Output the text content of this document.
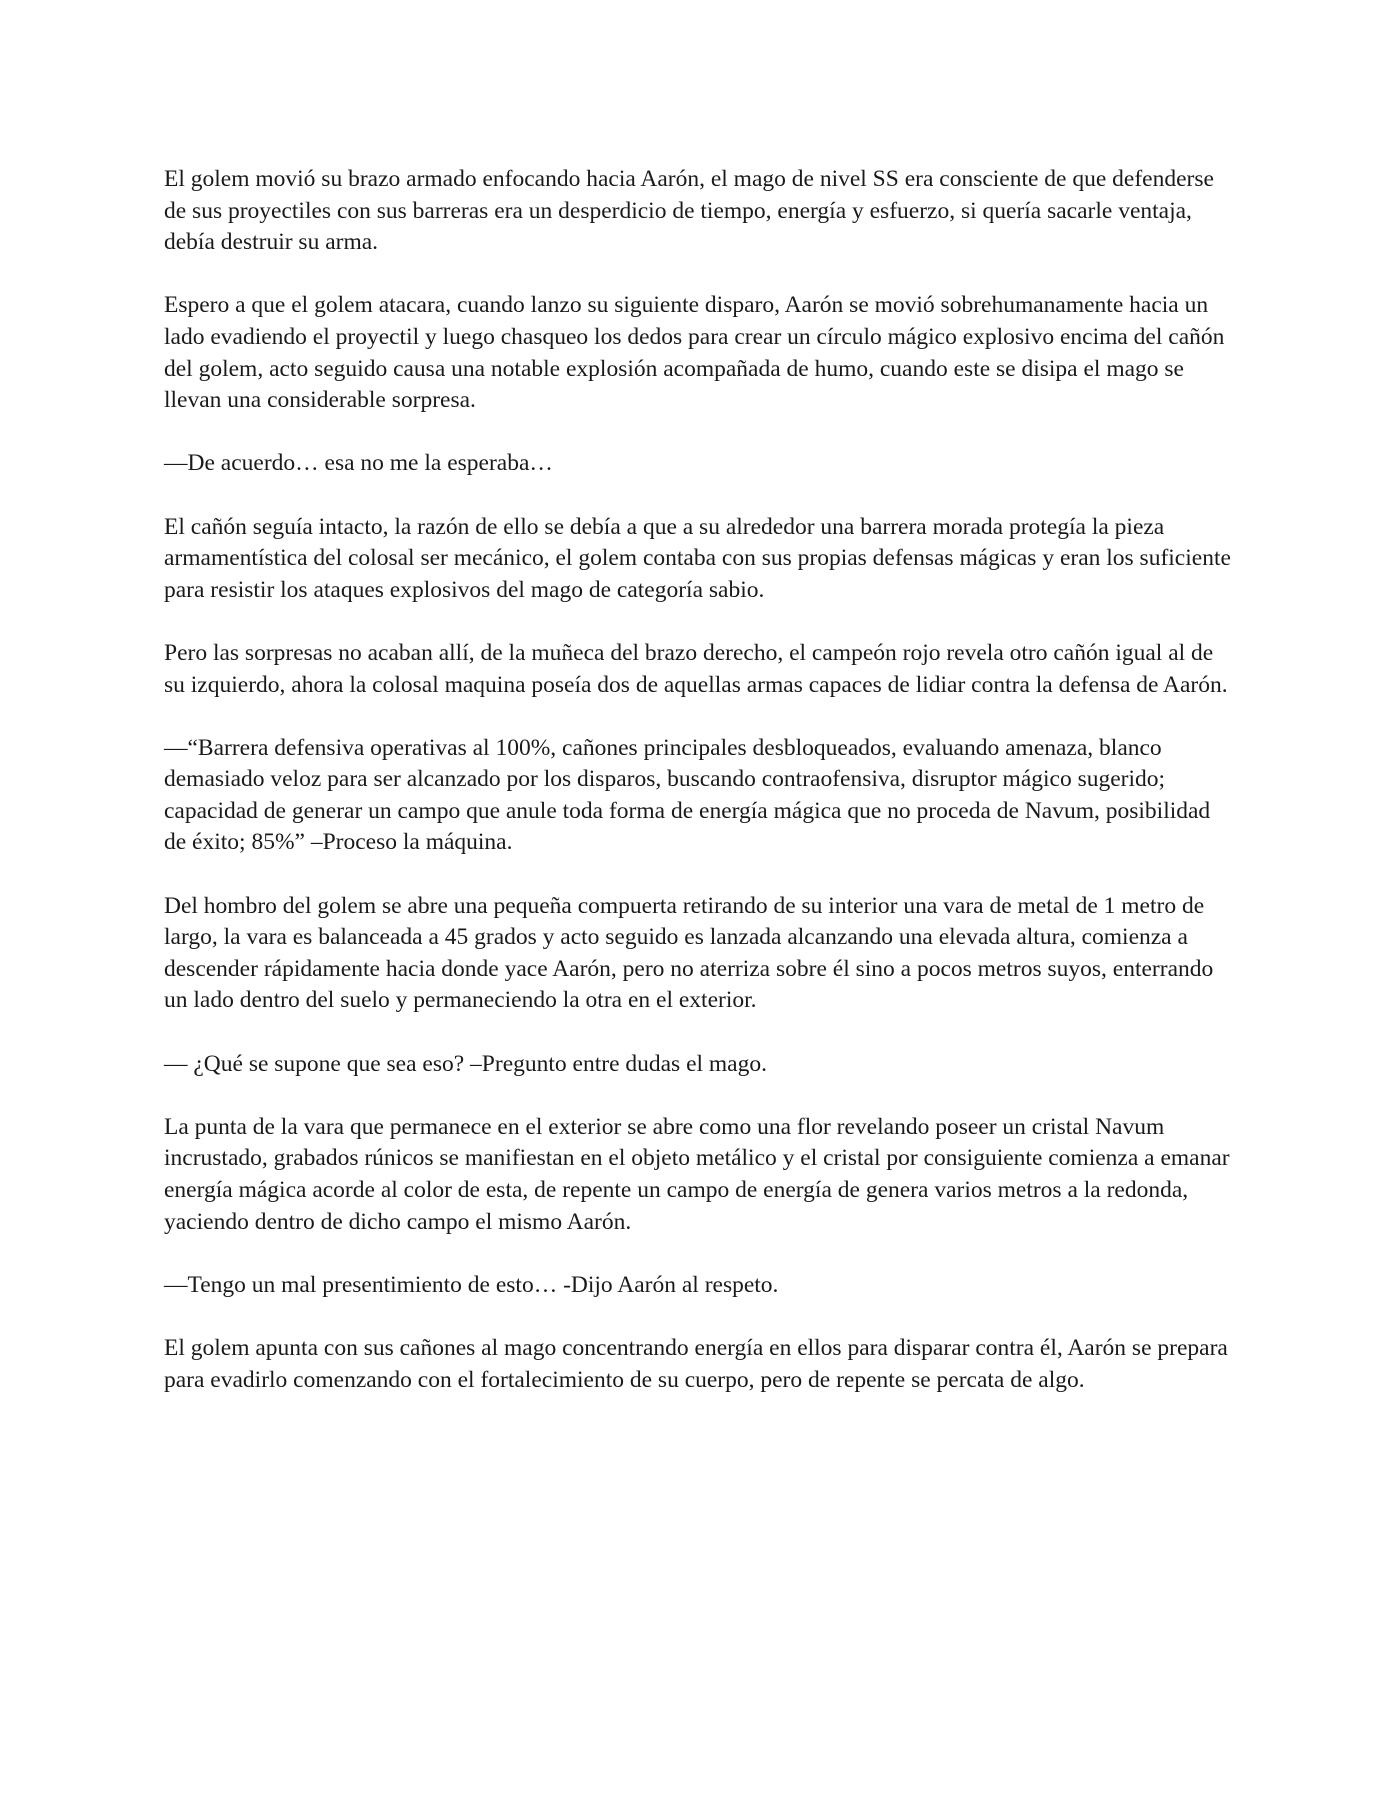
El golem movió su brazo armado enfocando hacia Aarón, el mago de nivel SS era consciente de que defenderse de sus proyectiles con sus barreras era un desperdicio de tiempo, energía y esfuerzo, si quería sacarle ventaja, debía destruir su arma.

Espero a que el golem atacara, cuando lanzo su siguiente disparo, Aarón se movió sobrehumanamente hacia un lado evadiendo el proyectil y luego chasqueo los dedos para crear un círculo mágico explosivo encima del cañón del golem, acto seguido causa una notable explosión acompañada de humo, cuando este se disipa el mago se llevan una considerable sorpresa.

—De acuerdo… esa no me la esperaba…

El cañón seguía intacto, la razón de ello se debía a que a su alrededor una barrera morada protegía la pieza armamentística del colosal ser mecánico, el golem contaba con sus propias defensas mágicas y eran los suficiente para resistir los ataques explosivos del mago de categoría sabio.

Pero las sorpresas no acaban allí, de la muñeca del brazo derecho, el campeón rojo revela otro cañón igual al de su izquierdo, ahora la colosal maquina poseía dos de aquellas armas capaces de lidiar contra la defensa de Aarón.

—“Barrera defensiva operativas al 100%, cañones principales desbloqueados, evaluando amenaza, blanco demasiado veloz para ser alcanzado por los disparos, buscando contraofensiva, disruptor mágico sugerido; capacidad de generar un campo que anule toda forma de energía mágica que no proceda de Navum, posibilidad de éxito; 85%” –Proceso la máquina.

Del hombro del golem se abre una pequeña compuerta retirando de su interior una vara de metal de 1 metro de largo, la vara es balanceada a 45 grados y acto seguido es lanzada alcanzando una elevada altura, comienza a descender rápidamente hacia donde yace Aarón, pero no aterriza sobre él sino a pocos metros suyos, enterrando un lado dentro del suelo y permaneciendo la otra en el exterior.

— ¿Qué se supone que sea eso? –Pregunto entre dudas el mago.

La punta de la vara que permanece en el exterior se abre como una flor revelando poseer un cristal Navum incrustado, grabados rúnicos se manifiestan en el objeto metálico y el cristal por consiguiente comienza a emanar energía mágica acorde al color de esta, de repente un campo de energía de genera varios metros a la redonda, yaciendo dentro de dicho campo el mismo Aarón.

—Tengo un mal presentimiento de esto… -Dijo Aarón al respeto.

El golem apunta con sus cañones al mago concentrando energía en ellos para disparar contra él, Aarón se prepara para evadirlo comenzando con el fortalecimiento de su cuerpo, pero de repente se percata de algo.
